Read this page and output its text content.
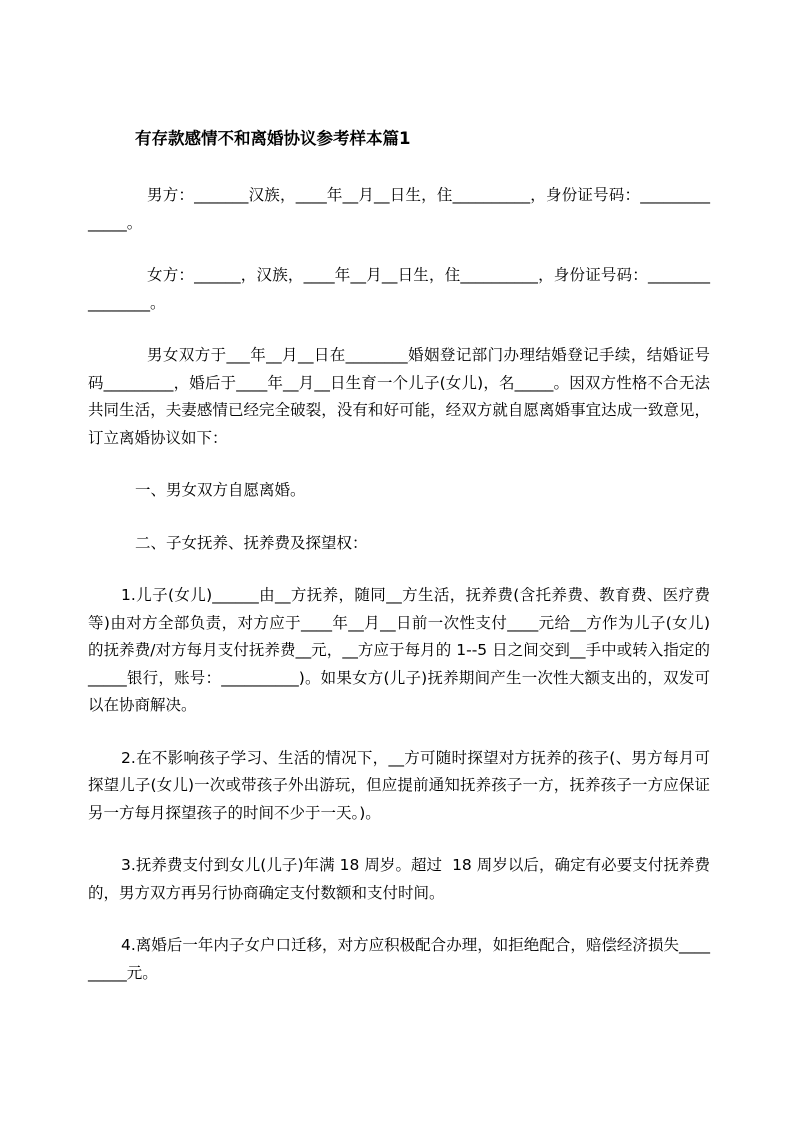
有存款感情不和离婚协议参考样本篇1

男方：_______汉族，____年__月__日生，住__________，身份证号码：______________。

女方：______，汉族，____年__月__日生，住__________，身份证号码：________________。

男女双方于___年__月__日在________婚姻登记部门办理结婚登记手续，结婚证号码_________，婚后于____年__月__日生育一个儿子(女儿)，名_____。因双方性格不合无法共同生活，夫妻感情已经完全破裂，没有和好可能，经双方就自愿离婚事宜达成一致意见，订立离婚协议如下：

一、男女双方自愿离婚。

二、子女抚养、抚养费及探望权：

1.儿子(女儿)______由__方抚养，随同__方生活，抚养费(含托养费、教育费、医疗费等)由对方全部负责，对方应于____年__月__日前一次性支付____元给__方作为儿子(女儿)的抚养费/对方每月支付抚养费__元，__方应于每月的 1--5 日之间交到__手中或转入指定的_____银行，账号：__________)。如果女方(儿子)抚养期间产生一次性大额支出的，双发可以在协商解决。

2.在不影响孩子学习、生活的情况下，__方可随时探望对方抚养的孩子(、男方每月可探望儿子(女儿)一次或带孩子外出游玩，但应提前通知抚养孩子一方，抚养孩子一方应保证另一方每月探望孩子的时间不少于一天。)。

3.抚养费支付到女儿(儿子)年满 18 周岁。超过  18 周岁以后，确定有必要支付抚养费的，男方双方再另行协商确定支付数额和支付时间。

4.离婚后一年内子女户口迁移，对方应积极配合办理，如拒绝配合，赔偿经济损失_________元。
